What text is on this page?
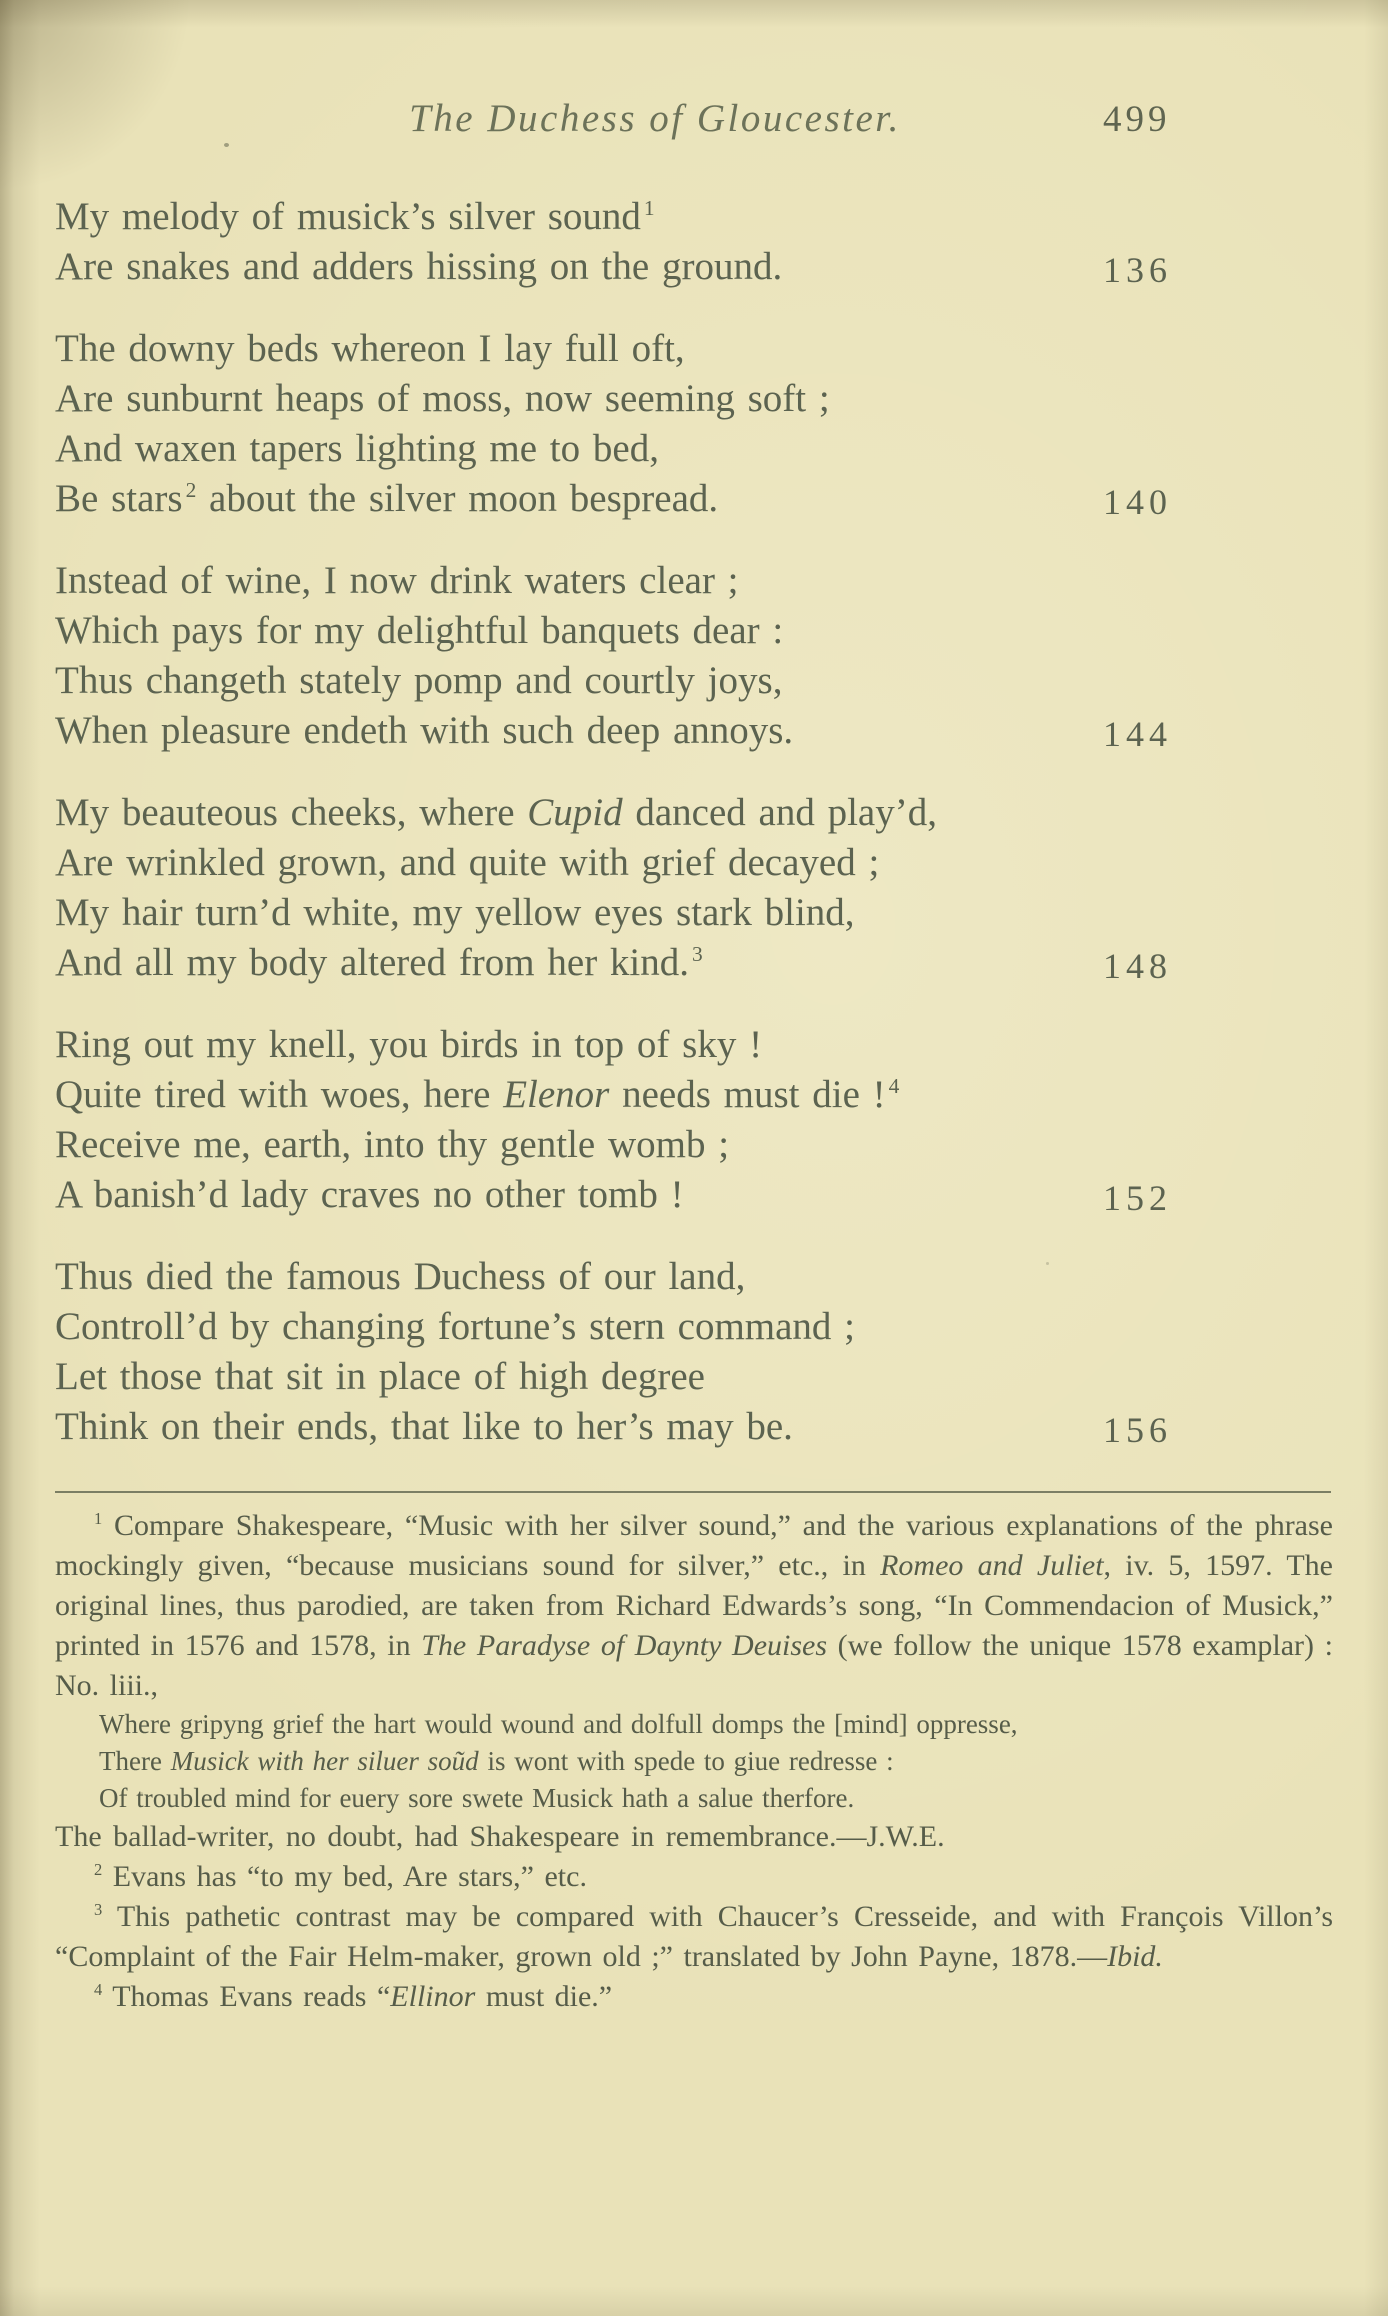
The Duchess of Gloucester.	499
My melody of musick’s silver sound $^1$
Are snakes and adders hissing on the ground.	136
The downy beds whereon I lay full oft,
Are sunburnt heaps of moss, now seeming soft ;
And waxen tapers lighting me to bed,
Be stars $^2$ about the silver moon bespread.	140
Instead of wine, I now drink waters clear ;
Which pays for my delightful banquets dear :
Thus changeth stately pomp and courtly joys,
When pleasure endeth with such deep annoys.	144
My beauteous cheeks, where Cupid danced and play’d,
Are wrinkled grown, and quite with grief decayed ;
My hair turn’d white, my yellow eyes stark blind,
And all my body altered from her kind. $^3$	148
Ring out my knell, you birds in top of sky !
Quite tired with woes, here Elenor needs must die ! $^4$
Receive me, earth, into thy gentle womb ;
A banish’d lady craves no other tomb !	152
Thus died the famous Duchess of our land,
Controll’d by changing fortune’s stern command ;
Let those that sit in place of high degree
Think on their ends, that like to her’s may be.	156
$^1$ Compare Shakespeare, “Music with her silver sound,” and the various explanations of the phrase mockingly given, “because musicians sound for silver,” etc., in Romeo and Juliet, iv. 5, 1597. The original lines, thus parodied, are taken from Richard Edwards’s song, “In Commendacion of Musick,” printed in 1576 and 1578, in The Paradyse of Daynty Deuises (we follow the unique 1578 examplar) : No. liii.,
Where gripyng grief the hart would wound and dolfull domps the [mind] oppresse,
There Musick with her siluer soũd is wont with spede to giue redresse :
Of troubled mind for euery sore swete Musick hath a salue therfore.
The ballad-writer, no doubt, had Shakespeare in remembrance.—J.W.E.
$^2$ Evans has “to my bed, Are stars,” etc.
$^3$ This pathetic contrast may be compared with Chaucer’s Cresseide, and with François Villon’s “Complaint of the Fair Helm-maker, grown old ;” translated by John Payne, 1878.—Ibid.
$^4$ Thomas Evans reads “Ellinor must die.”
